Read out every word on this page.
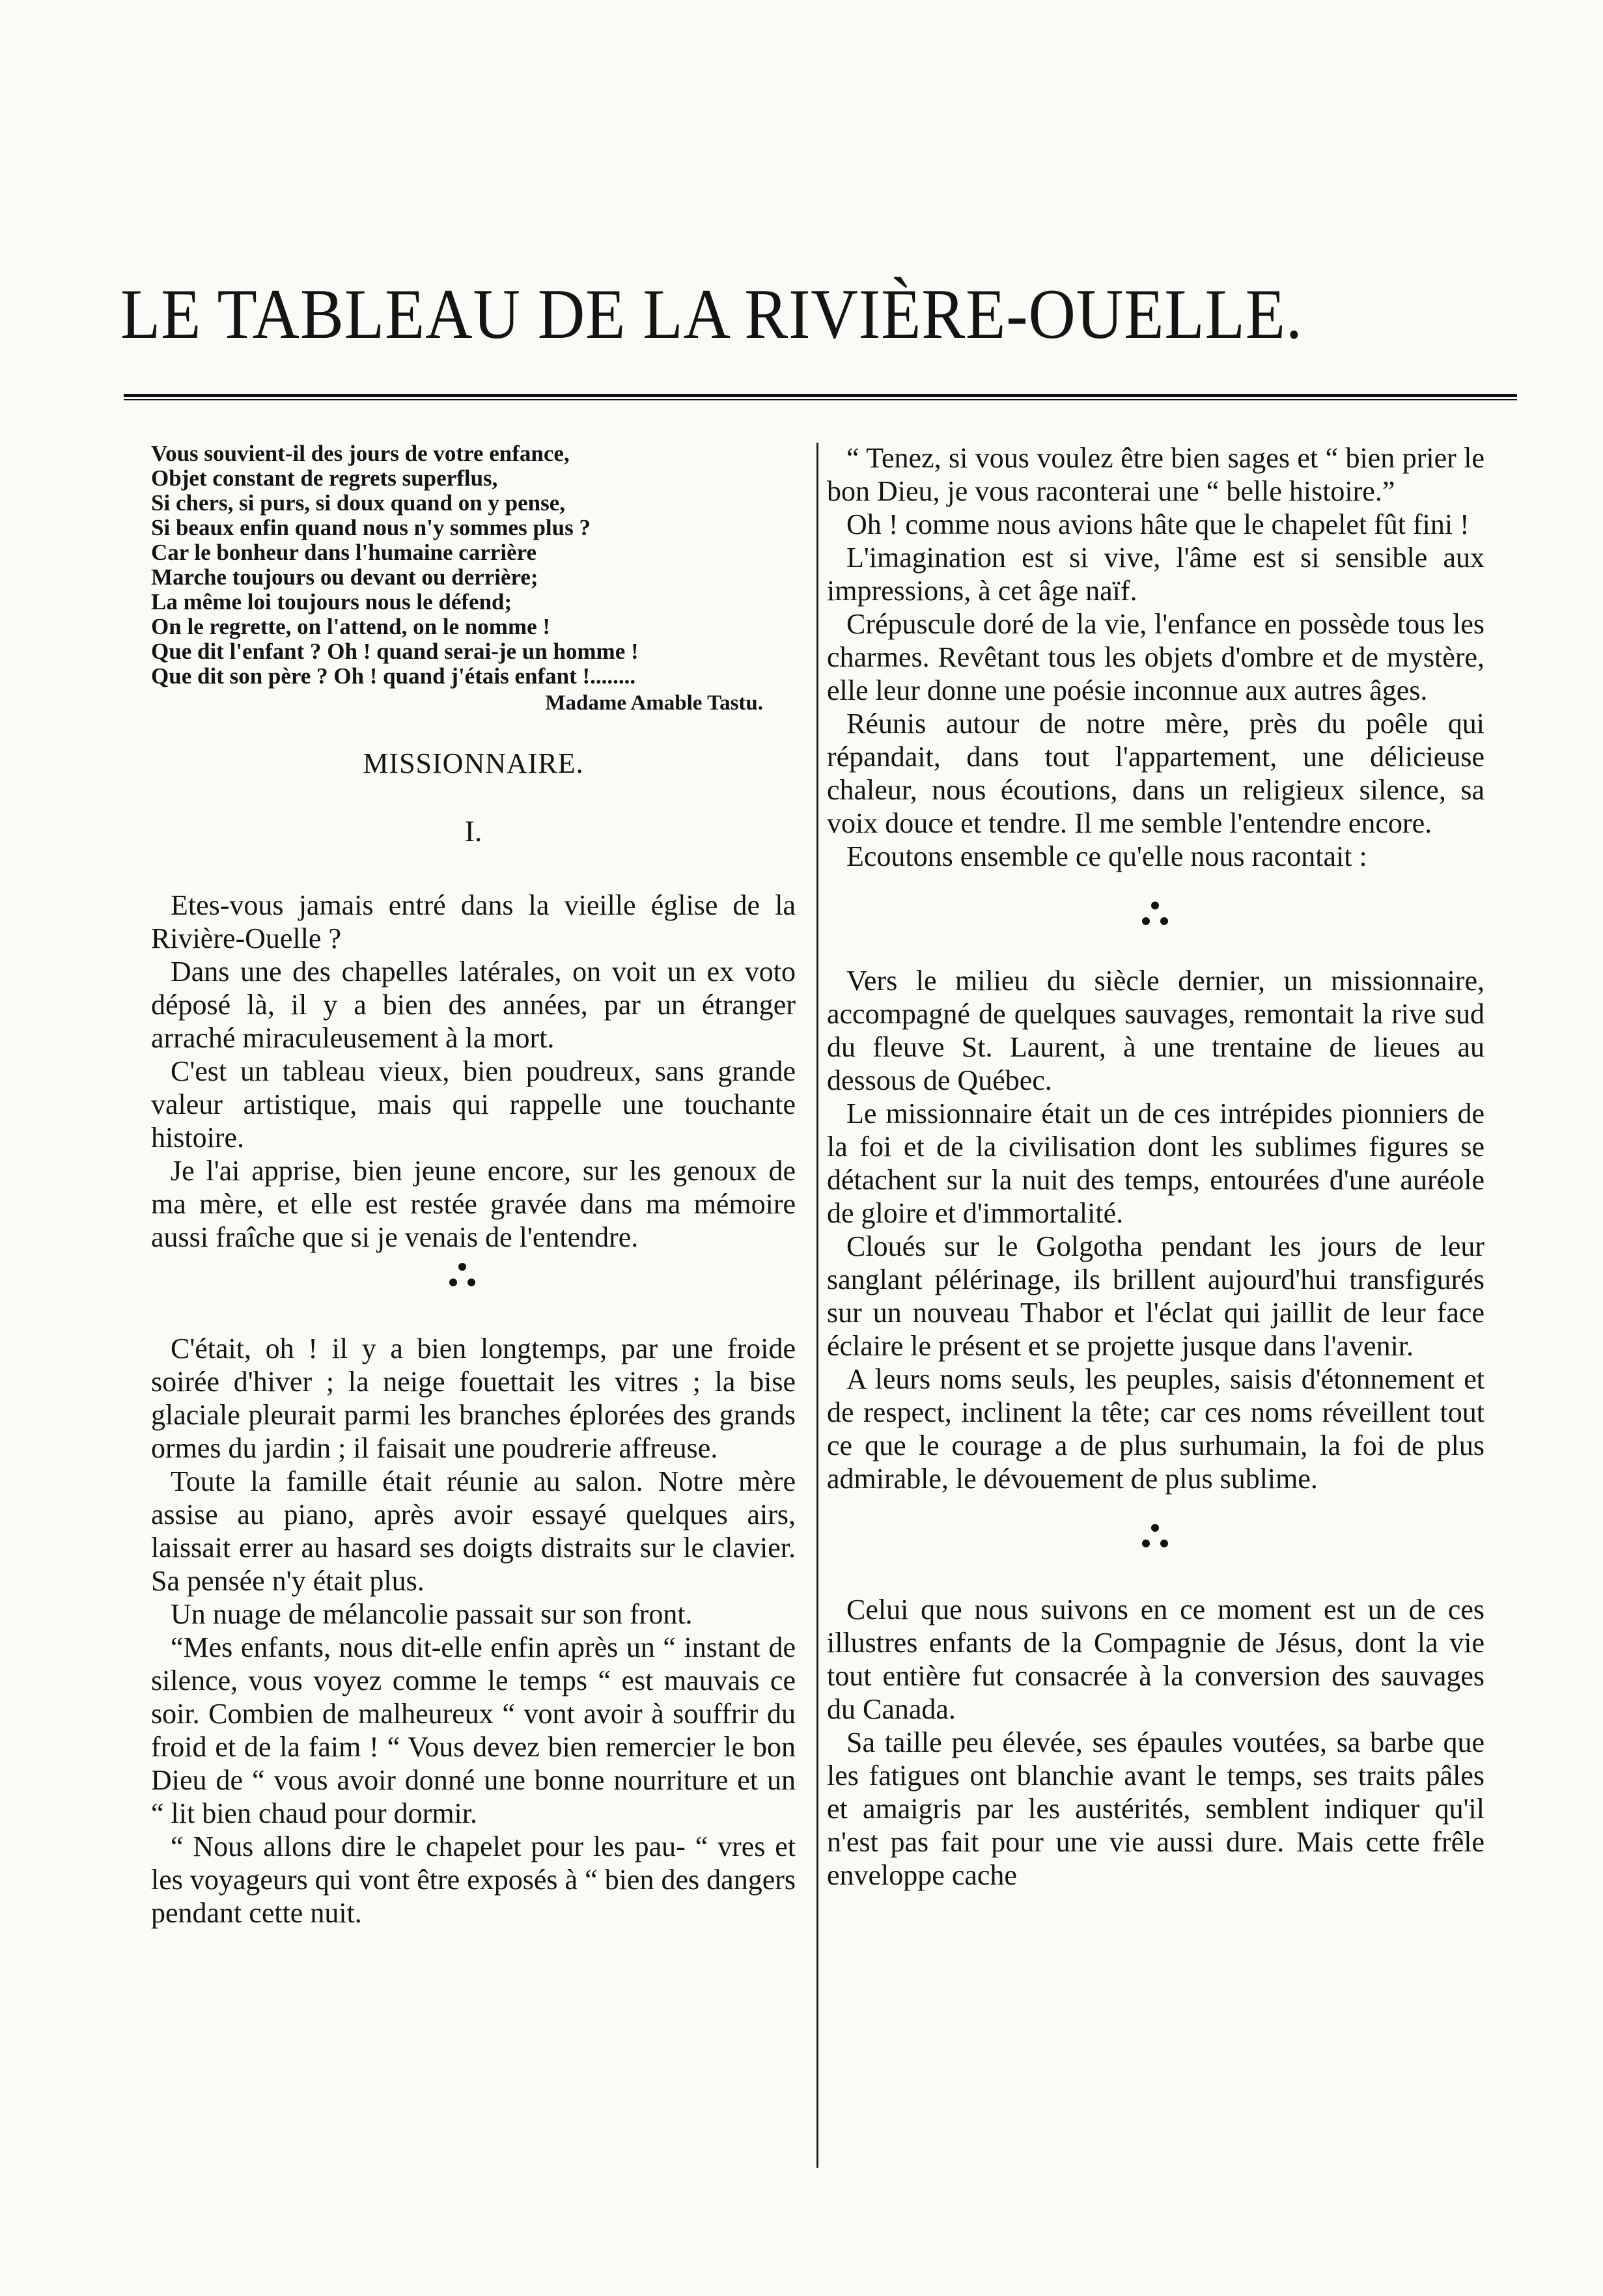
LE TABLEAU DE LA RIVIÈRE-OUELLE.

Vous souvient-il des jours de votre enfance,

Objet constant de regrets superflus,

Si chers, si purs, si doux quand on y pense,

Si beaux enfin quand nous n'y sommes plus ?

Car le bonheur dans l'humaine carrière

Marche toujours ou devant ou derrière;

La même loi toujours nous le défend;

On le regrette, on l'attend, on le nomme !

Que dit l'enfant ? Oh ! quand serai-je un homme !

Que dit son père ? Oh ! quand j'étais enfant !........

Madame Amable Tastu.

MISSIONNAIRE.

I.

Etes-vous jamais entré dans la vieille église de la Rivière-Ouelle ?

Dans une des chapelles latérales, on voit un ex voto déposé là, il y a bien des années, par un étranger arraché miraculeusement à la mort.

C'est un tableau vieux, bien poudreux, sans grande valeur artistique, mais qui rappelle une touchante histoire.

Je l'ai apprise, bien jeune encore, sur les genoux de ma mère, et elle est restée gravée dans ma mémoire aussi fraîche que si je venais de l'entendre.

C'était, oh ! il y a bien longtemps, par une froide soirée d'hiver ; la neige fouettait les vitres ; la bise glaciale pleurait parmi les branches éplorées des grands ormes du jardin ; il faisait une poudrerie affreuse.

Toute la famille était réunie au salon. Notre mère assise au piano, après avoir essayé quelques airs, laissait errer au hasard ses doigts distraits sur le clavier. Sa pensée n'y était plus.

Un nuage de mélancolie passait sur son front.

“Mes enfants, nous dit-elle enfin après un “ instant de silence, vous voyez comme le temps “ est mauvais ce soir. Combien de malheureux “ vont avoir à souffrir du froid et de la faim ! “ Vous devez bien remercier le bon Dieu de “ vous avoir donné une bonne nourriture et un “ lit bien chaud pour dormir.

“ Nous allons dire le chapelet pour les pau- “ vres et les voyageurs qui vont être exposés à “ bien des dangers pendant cette nuit.

“ Tenez, si vous voulez être bien sages et “ bien prier le bon Dieu, je vous raconterai une “ belle histoire.”

Oh ! comme nous avions hâte que le chapelet fût fini !

L'imagination est si vive, l'âme est si sensible aux impressions, à cet âge naïf.

Crépuscule doré de la vie, l'enfance en possède tous les charmes. Revêtant tous les objets d'ombre et de mystère, elle leur donne une poésie inconnue aux autres âges.

Réunis autour de notre mère, près du poêle qui répandait, dans tout l'appartement, une délicieuse chaleur, nous écoutions, dans un religieux silence, sa voix douce et tendre. Il me semble l'entendre encore.

Ecoutons ensemble ce qu'elle nous racontait :

Vers le milieu du siècle dernier, un missionnaire, accompagné de quelques sauvages, remontait la rive sud du fleuve St. Laurent, à une trentaine de lieues au dessous de Québec.

Le missionnaire était un de ces intrépides pionniers de la foi et de la civilisation dont les sublimes figures se détachent sur la nuit des temps, entourées d'une auréole de gloire et d'immortalité.

Cloués sur le Golgotha pendant les jours de leur sanglant pélérinage, ils brillent aujourd'hui transfigurés sur un nouveau Thabor et l'éclat qui jaillit de leur face éclaire le présent et se projette jusque dans l'avenir.

A leurs noms seuls, les peuples, saisis d'étonnement et de respect, inclinent la tête; car ces noms réveillent tout ce que le courage a de plus surhumain, la foi de plus admirable, le dévouement de plus sublime.

Celui que nous suivons en ce moment est un de ces illustres enfants de la Compagnie de Jésus, dont la vie tout entière fut consacrée à la conversion des sauvages du Canada.

Sa taille peu élevée, ses épaules voutées, sa barbe que les fatigues ont blanchie avant le temps, ses traits pâles et amaigris par les austérités, semblent indiquer qu'il n'est pas fait pour une vie aussi dure. Mais cette frêle enveloppe cache
